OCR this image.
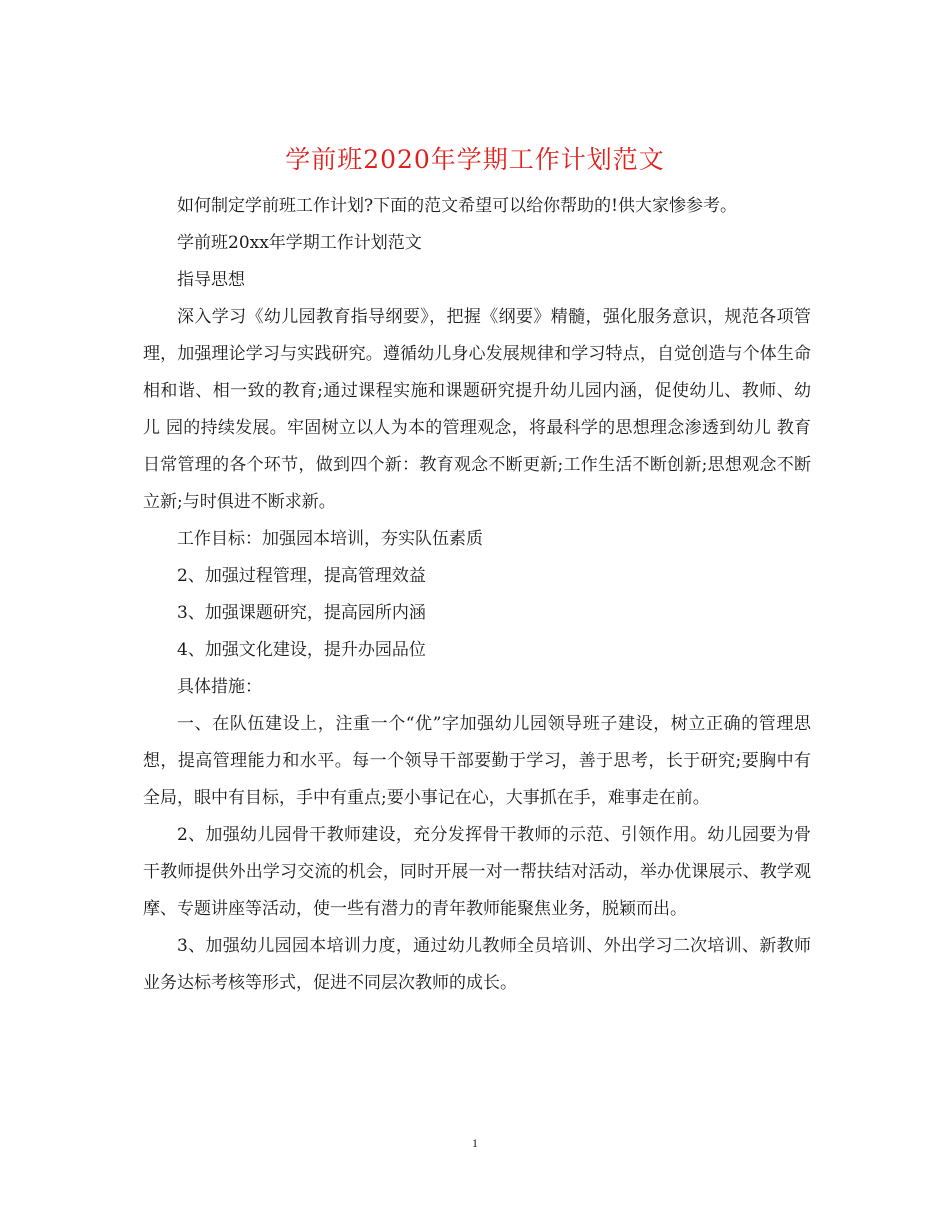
学前班2020年学期工作计划范文

如何制定学前班工作计划?下面的范文希望可以给你帮助的!供大家惨参考。

学前班20xx年学期工作计划范文

指导思想

深入学习《幼儿园教育指导纲要》，把握《纲要》精髓，强化服务意识，规范各项管理，加强理论学习与实践研究。遵循幼儿身心发展规律和学习特点，自觉创造与个体生命相和谐、相一致的教育;通过课程实施和课题研究提升幼儿园内涵，促使幼儿、教师、幼儿 园的持续发展。牢固树立以人为本的管理观念，将最科学的思想理念渗透到幼儿 教育日常管理的各个环节，做到四个新：教育观念不断更新;工作生活不断创新;思想观念不断立新;与时俱进不断求新。

工作目标：加强园本培训，夯实队伍素质

2、加强过程管理，提高管理效益

3、加强课题研究，提高园所内涵

4、加强文化建设，提升办园品位

具体措施：

一、在队伍建设上，注重一个“优”字加强幼儿园领导班子建设，树立正确的管理思想，提高管理能力和水平。每一个领导干部要勤于学习，善于思考，长于研究;要胸中有全局，眼中有目标，手中有重点;要小事记在心，大事抓在手，难事走在前。

2、加强幼儿园骨干教师建设，充分发挥骨干教师的示范、引领作用。幼儿园要为骨干教师提供外出学习交流的机会，同时开展一对一帮扶结对活动，举办优课展示、教学观摩、专题讲座等活动，使一些有潜力的青年教师能聚焦业务，脱颖而出。

3、加强幼儿园园本培训力度，通过幼儿教师全员培训、外出学习二次培训、新教师业务达标考核等形式，促进不同层次教师的成长。

1
